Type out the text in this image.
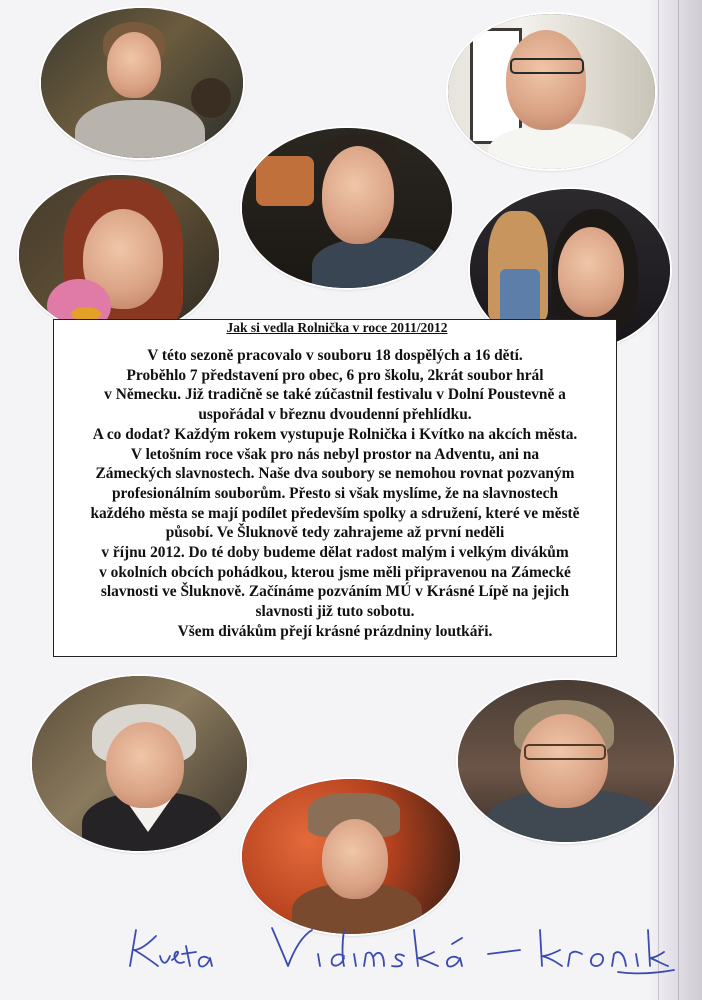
Jak si vedla Rolnička v roce 2011/2012
V této sezoně pracovalo v souboru 18 dospělých a 16 dětí.
Proběhlo 7 představení pro obec, 6 pro školu, 2krát soubor hrál
v Německu. Již tradičně se také zúčastnil festivalu v Dolní Poustevně a
uspořádal v březnu dvoudenní přehlídku.
A co dodat? Každým rokem vystupuje Rolnička i Kvítko na akcích města.
V letošním roce však pro nás nebyl prostor na Adventu, ani na
Zámeckých slavnostech. Naše dva soubory se nemohou rovnat pozvaným
profesionálním souborům. Přesto si však myslíme, že na slavnostech
každého města se mají podílet především spolky a sdružení, které ve městě
působí. Ve Šluknově tedy zahrajeme až první neděli
v říjnu 2012. Do té doby budeme dělat radost malým i velkým divákům
v okolních obcích pohádkou, kterou jsme měli připravenou na Zámecké
slavnosti ve Šluknově. Začínáme pozváním MÚ v Krásné Lípě na jejich
slavnosti již tuto sobotu.
Všem divákům přejí krásné prázdniny loutkáři.
